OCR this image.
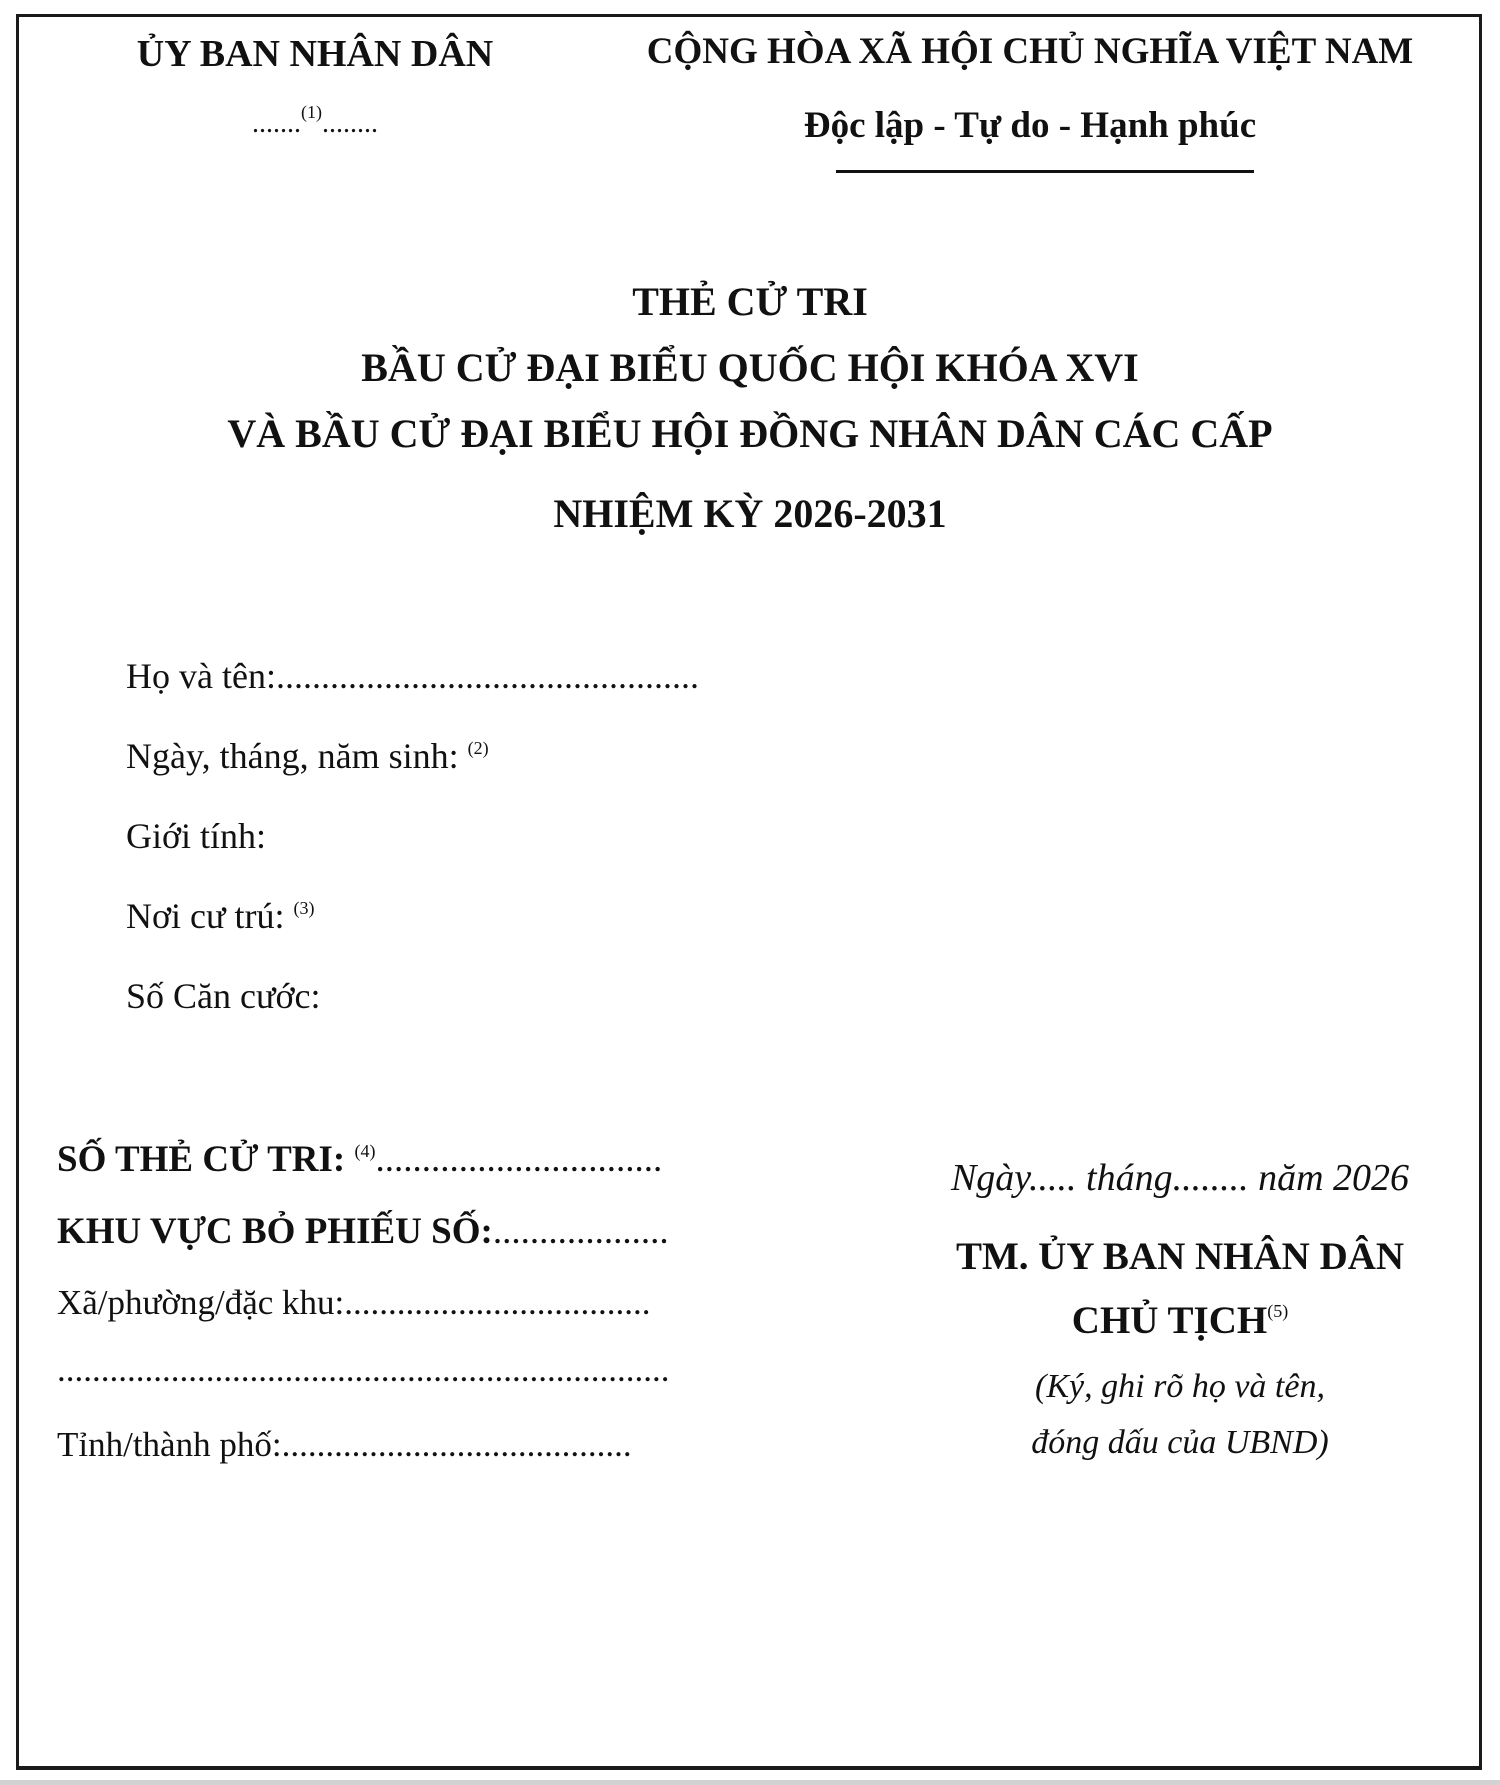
ỦY BAN NHÂN DÂN
.......$^{(1)}$........
CỘNG HÒA XÃ HỘI CHỦ NGHĨA VIỆT NAM
Độc lập - Tự do - Hạnh phúc
THẺ CỬ TRI
BẦU CỬ ĐẠI BIỂU QUỐC HỘI KHÓA XVI
VÀ BẦU CỬ ĐẠI BIỂU HỘI ĐỒNG NHÂN DÂN CÁC CẤP
NHIỆM KỲ 2026-2031
Họ và tên:...............................................
Ngày, tháng, năm sinh: $^{(2)}$
Giới tính:
Nơi cư trú: $^{(3)}$
Số Căn cước:
SỐ THẺ CỬ TRI: $^{(4)}$...............................
KHU VỰC BỎ PHIẾU SỐ:...................
Xã/phường/đặc khu:...................................
......................................................................
Tỉnh/thành phố:........................................
Ngày..... tháng........ năm 2026
TM. ỦY BAN NHÂN DÂN
CHỦ TỊCH$^{(5)}$
(Ký, ghi rõ họ và tên,
đóng dấu của UBND)
